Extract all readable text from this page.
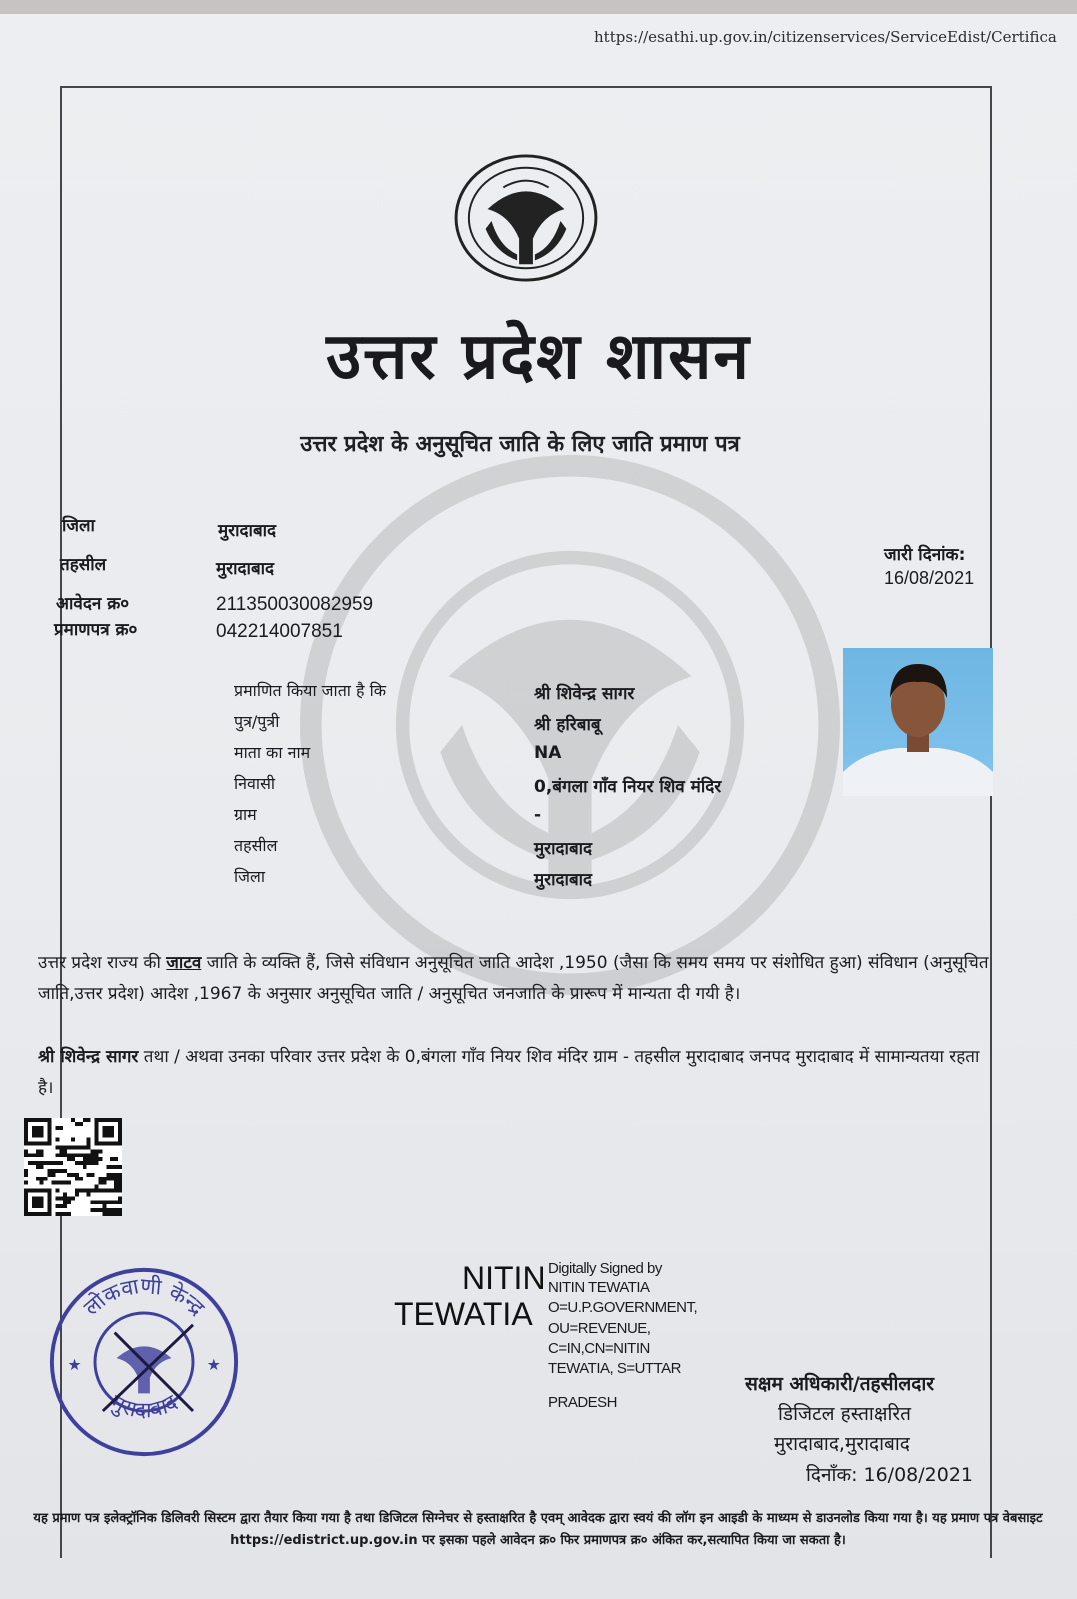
https://esathi.up.gov.in/citizenservices/ServiceEdist/Certifica
उत्तर प्रदेश शासन
उत्तर प्रदेश के अनुसूचित जाति के लिए जाति प्रमाण पत्र
जिला	मुरादाबाद
तहसील	मुरादाबाद
आवेदन क्र०	211350030082959
प्रमाणपत्र क्र०	042214007851
जारी दिनांक:
16/08/2021
प्रमाणित किया जाता है कि	श्री शिवेन्द्र सागर
पुत्र/पुत्री	श्री हरिबाबू
माता का नाम	NA
निवासी	0,बंगला गाँव नियर शिव मंदिर
ग्राम	-
तहसील	मुरादाबाद
जिला	मुरादाबाद
उत्तर प्रदेश राज्य की जाटव जाति के व्यक्ति हैं, जिसे संविधान अनुसूचित जाति आदेश ,1950 (जैसा कि समय समय पर संशोधित हुआ) संविधान (अनुसूचित जाति,उत्तर प्रदेश) आदेश ,1967 के अनुसार अनुसूचित जाति / अनुसूचित जनजाति के प्रारूप में मान्यता दी गयी है।
श्री शिवेन्द्र सागर तथा / अथवा उनका परिवार उत्तर प्रदेश के 0,बंगला गाँव नियर शिव मंदिर ग्राम - तहसील मुरादाबाद जनपद मुरादाबाद में सामान्यतया रहता है।
लोकवाणी केन्द्र
मुरादाबाद
★	★
NITIN
TEWATIA
Digitally Signed by
NITIN TEWATIA
O=U.P.GOVERNMENT,
OU=REVENUE,
C=IN,CN=NITIN
TEWATIA, S=UTTAR
PRADESH
सक्षम अधिकारी/तहसीलदार
डिजिटल हस्ताक्षरित
मुरादाबाद,मुरादाबाद
दिनाँक: 16/08/2021
यह प्रमाण पत्र इलेक्ट्रॉनिक डिलिवरी सिस्टम द्वारा तैयार किया गया है तथा डिजिटल सिग्नेचर से हस्ताक्षरित है एवम् आवेदक द्वारा स्वयं की लॉग इन आइडी के माध्यम से डाउनलोड किया गया है। यह प्रमाण पत्र वेबसाइट https://edistrict.up.gov.in पर इसका पहले आवेदन क्र० फिर प्रमाणपत्र क्र० अंकित कर,सत्यापित किया जा सकता है।
